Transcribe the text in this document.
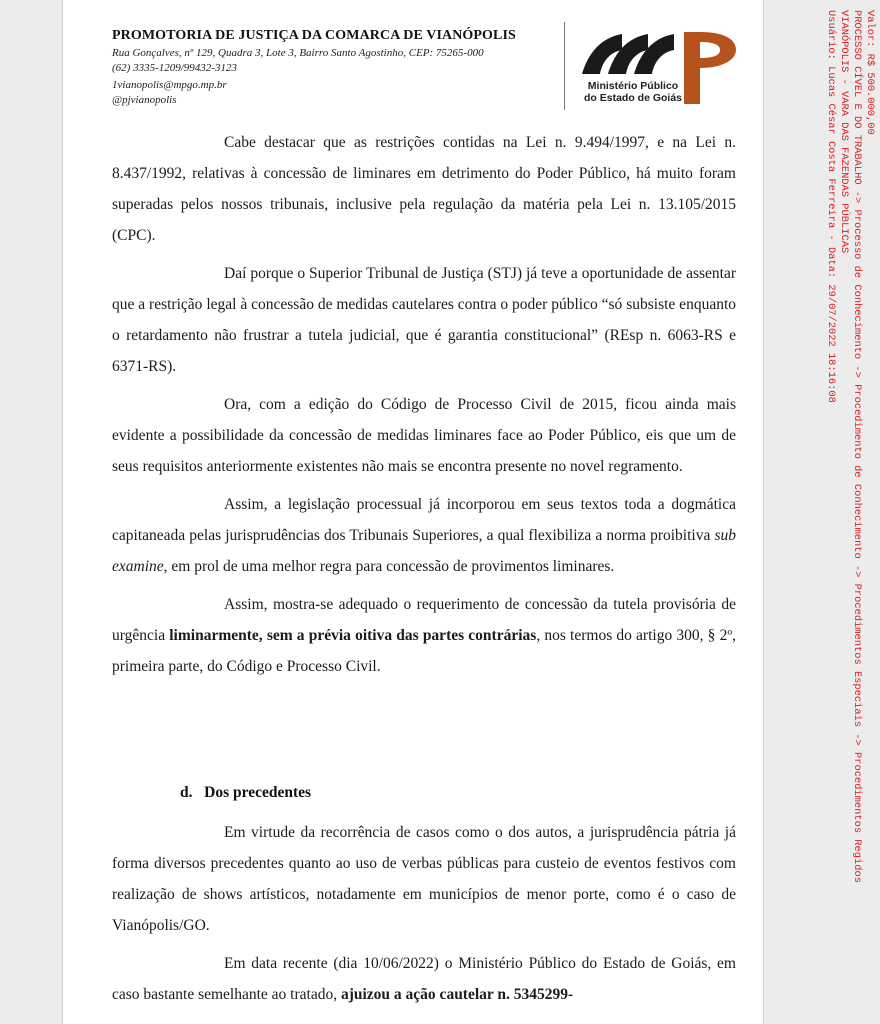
PROMOTORIA DE JUSTIÇA DA COMARCA DE VIANÓPOLIS
Rua Gonçalves, nº 129, Quadra 3, Lote 3, Bairro Santo Agostinho, CEP: 75265-000
(62) 3335-1209/99432-3123
1vianopolis@mpgo.mp.br
@pjvianopolis
Ministério Público
do Estado de Goiás

Cabe destacar que as restrições contidas na Lei n. 9.494/1997, e na Lei n. 8.437/1992, relativas à concessão de liminares em detrimento do Poder Público, há muito foram superadas pelos nossos tribunais, inclusive pela regulação da matéria pela Lei n. 13.105/2015 (CPC).

Daí porque o Superior Tribunal de Justiça (STJ) já teve a oportunidade de assentar que a restrição legal à concessão de medidas cautelares contra o poder público “só subsiste enquanto o retardamento não frustrar a tutela judicial, que é garantia constitucional” (REsp n. 6063-RS e 6371-RS).

Ora, com a edição do Código de Processo Civil de 2015, ficou ainda mais evidente a possibilidade da concessão de medidas liminares face ao Poder Público, eis que um de seus requisitos anteriormente existentes não mais se encontra presente no novel regramento.

Assim, a legislação processual já incorporou em seus textos toda a dogmática capitaneada pelas jurisprudências dos Tribunais Superiores, a qual flexibiliza a norma proibitiva sub examine, em prol de uma melhor regra para concessão de provimentos liminares.

Assim, mostra-se adequado o requerimento de concessão da tutela provisória de urgência liminarmente, sem a prévia oitiva das partes contrárias, nos termos do artigo 300, § 2º, primeira parte, do Código e Processo Civil.

d.   Dos precedentes

Em virtude da recorrência de casos como o dos autos, a jurisprudência pátria já forma diversos precedentes quanto ao uso de verbas públicas para custeio de eventos festivos com realização de shows artísticos, notadamente em municípios de menor porte, como é o caso de Vianópolis/GO.

Em data recente (dia 10/06/2022) o Ministério Público do Estado de Goiás, em caso bastante semelhante ao tratado, ajuizou a ação cautelar n. 5345299-

Valor: R$ 500.000,00
PROCESSO CÍVEL E DO TRABALHO -> Processo de Conhecimento -> Procedimento de Conhecimento -> Procedimentos Especiais -> Procedimentos Regidos
VIANÓPOLIS - VARA DAS FAZENDAS PÚBLICAS
Usuário: Lucas César Costa Ferreira - Data: 29/07/2022 18:16:08
